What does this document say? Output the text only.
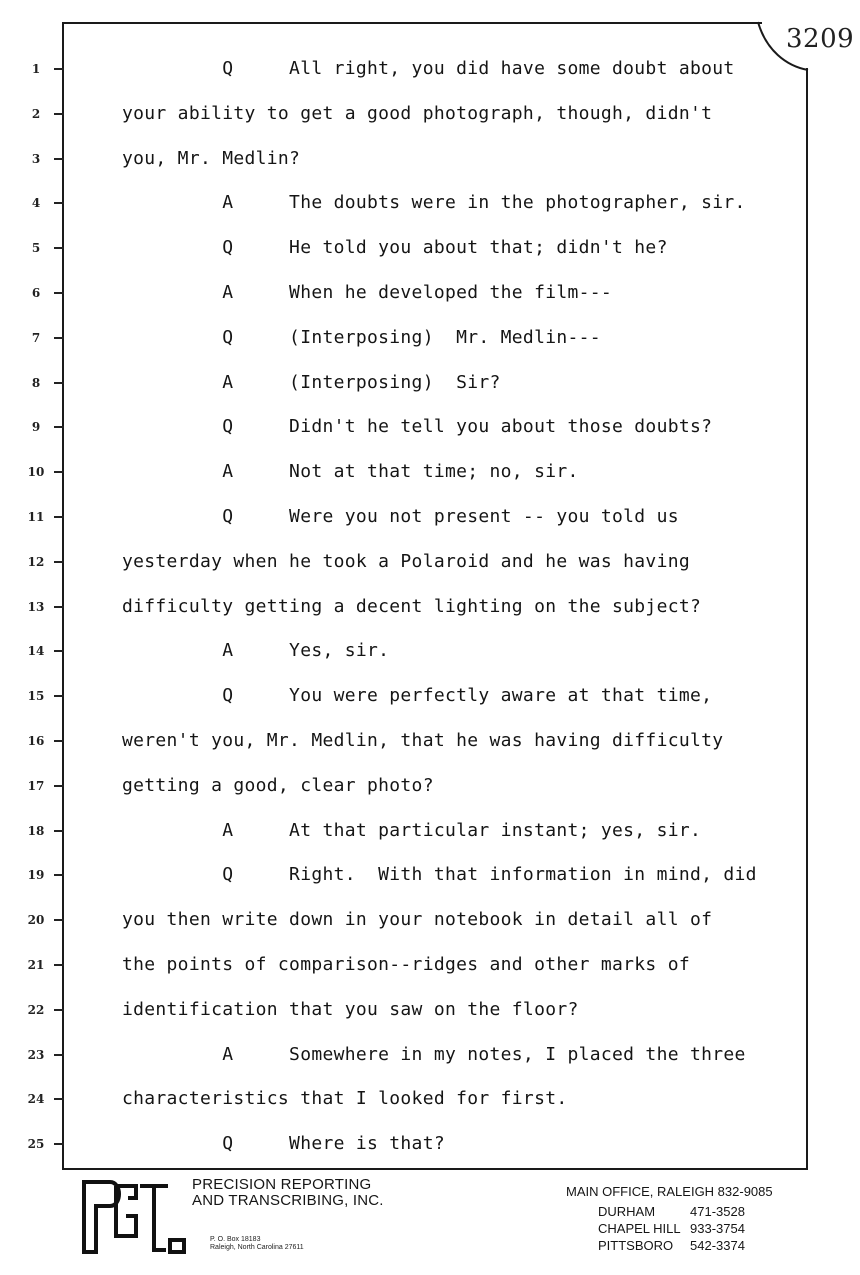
3209
1	Q     All right, you did have some doubt about
2	your ability to get a good photograph, though, didn't
3	you, Mr. Medlin?
4	A     The doubts were in the photographer, sir.
5	Q     He told you about that; didn't he?
6	A     When he developed the film---
7	Q     (Interposing)  Mr. Medlin---
8	A     (Interposing)  Sir?
9	Q     Didn't he tell you about those doubts?
10	A     Not at that time; no, sir.
11	Q     Were you not present -- you told us
12	yesterday when he took a Polaroid and he was having
13	difficulty getting a decent lighting on the subject?
14	A     Yes, sir.
15	Q     You were perfectly aware at that time,
16	weren't you, Mr. Medlin, that he was having difficulty
17	getting a good, clear photo?
18	A     At that particular instant; yes, sir.
19	Q     Right.  With that information in mind, did
20	you then write down in your notebook in detail all of
21	the points of comparison--ridges and other marks of
22	identification that you saw on the floor?
23	A     Somewhere in my notes, I placed the three
24	characteristics that I looked for first.
25	Q     Where is that?
PRECISION REPORTING
AND TRANSCRIBING, INC.
P. O. Box 18183
Raleigh, North Carolina 27611
MAIN OFFICE, RALEIGH 832-9085
DURHAM	471-3528
CHAPEL HILL 933-3754
PITTSBORO 542-3374
